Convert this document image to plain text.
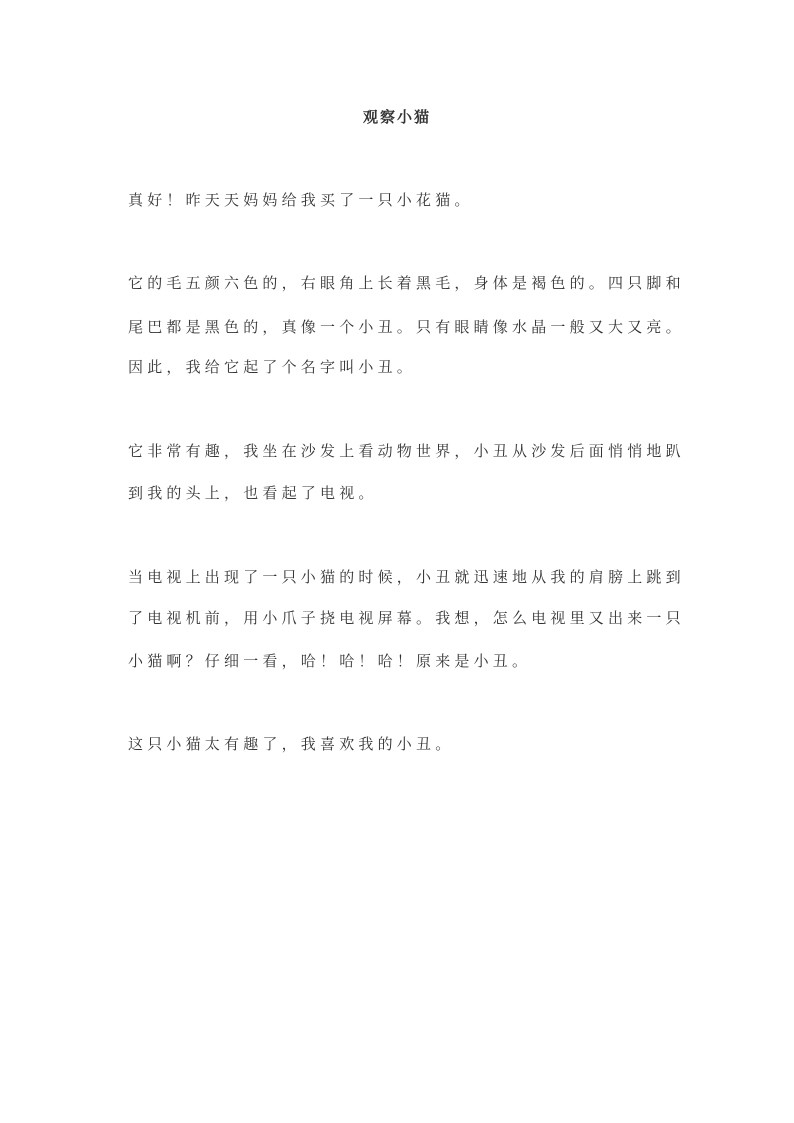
观察小猫
真好！昨天天妈妈给我买了一只小花猫。
它的毛五颜六色的，右眼角上长着黑毛，身体是褐色的。四只脚和
尾巴都是黑色的，真像一个小丑。只有眼睛像水晶一般又大又亮。
因此，我给它起了个名字叫小丑。
它非常有趣，我坐在沙发上看动物世界，小丑从沙发后面悄悄地趴
到我的头上，也看起了电视。
当电视上出现了一只小猫的时候，小丑就迅速地从我的肩膀上跳到
了电视机前，用小爪子挠电视屏幕。我想，怎么电视里又出来一只
小猫啊？仔细一看，哈！哈！哈！原来是小丑。
这只小猫太有趣了，我喜欢我的小丑。
